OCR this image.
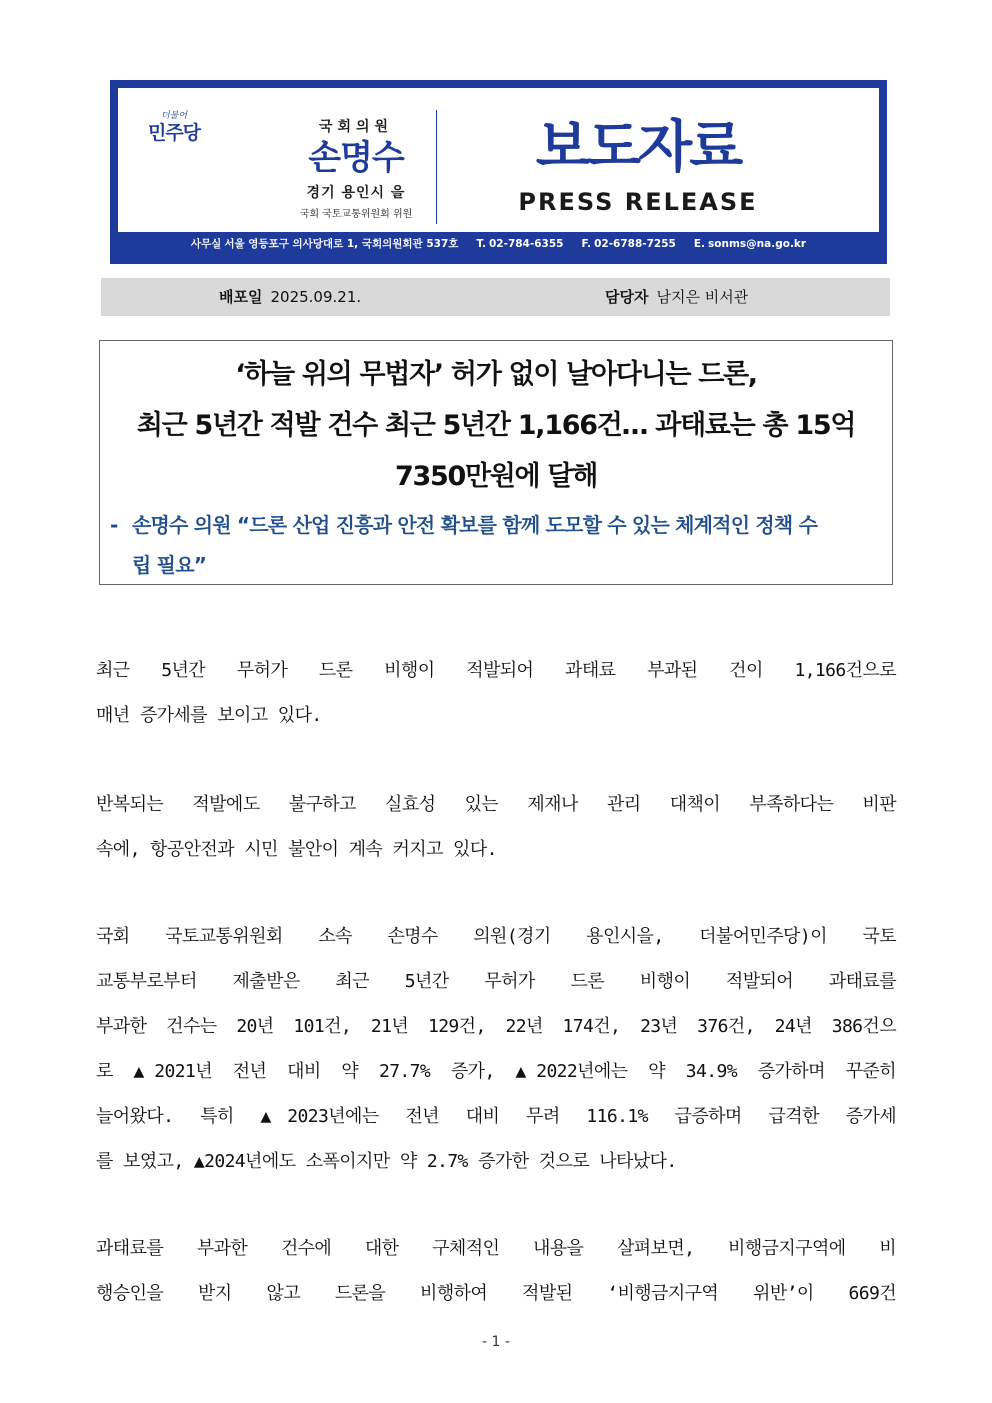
더불어
민주당	국회의원
손명수
경기 용인시 을
국회 국토교통위원회 위원
보도자료
PRESS RELEASE
사무실 서울 영등포구 의사당대로 1, 국회의원회관 537호 T. 02-784-6355 F. 02-6788-7255 E. sonms@na.go.kr
배포일 2025.09.21.	담당자 남지은 비서관
‘하늘 위의 무법자’ 허가 없이 날아다니는 드론,
최근 5년간 적발 건수 최근 5년간 1,166건… 과태료는 총 15억
7350만원에 달해
- 손명수 의원 “드론 산업 진흥과 안전 확보를 함께 도모할 수 있는 체계적인 정책 수
립 필요”
최근 5년간 무허가 드론 비행이 적발되어 과태료 부과된 건이 1,166건으로
매년 증가세를 보이고 있다.
반복되는 적발에도 불구하고 실효성 있는 제재나 관리 대책이 부족하다는 비판
속에, 항공안전과 시민 불안이 계속 커지고 있다.
국회 국토교통위원회 소속 손명수 의원(경기 용인시을, 더불어민주당)이 국토
교통부로부터 제출받은 최근 5년간 무허가 드론 비행이 적발되어 과태료를
부과한 건수는 20년 101건, 21년 129건, 22년 174건, 23년 376건, 24년 386건으
로 ▲2021년 전년 대비 약 27.7% 증가, ▲2022년에는 약 34.9% 증가하며 꾸준히
늘어왔다. 특히 ▲2023년에는 전년 대비 무려 116.1% 급증하며 급격한 증가세
를 보였고, ▲2024년에도 소폭이지만 약 2.7% 증가한 것으로 나타났다.
과태료를 부과한 건수에 대한 구체적인 내용을 살펴보면, 비행금지구역에 비
행승인을 받지 않고 드론을 비행하여 적발된 ‘비행금지구역 위반’이 669건
- 1 -
